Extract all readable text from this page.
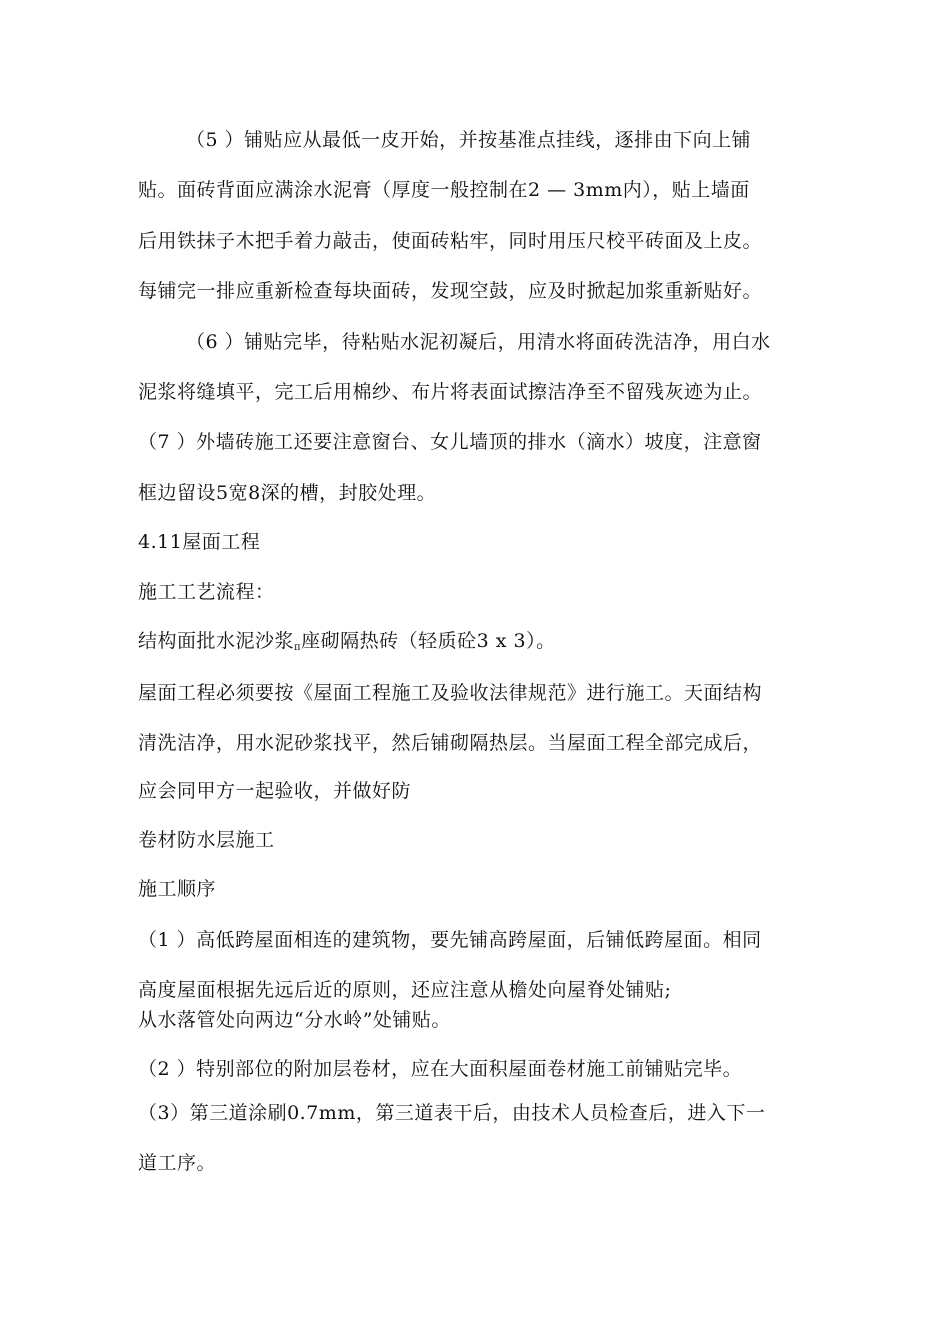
（5 ）铺贴应从最低一皮开始，并按基准点挂线，逐排由下向上铺
贴。面砖背面应满涂水泥膏（厚度一般控制在2 — 3mm内），贴上墙面
后用铁抹子木把手着力敲击，使面砖粘牢，同时用压尺校平砖面及上皮。
每铺完一排应重新检查每块面砖，发现空鼓，应及时掀起加浆重新贴好。
（6 ）铺贴完毕，待粘贴水泥初凝后，用清水将面砖洗洁净，用白水
泥浆将缝填平，完工后用棉纱、布片将表面试擦洁净至不留残灰迹为止。
（7 ）外墙砖施工还要注意窗台、女儿墙顶的排水（滴水）坡度，注意窗
框边留设5宽8深的槽，封胶处理。
4.11屋面工程
施工工艺流程：
结构面批水泥沙浆$_\pi$座砌隔热砖（轻质砼3 x 3）。
屋面工程必须要按《屋面工程施工及验收法律规范》进行施工。天面结构
清洗洁净，用水泥砂浆找平，然后铺砌隔热层。当屋面工程全部完成后，
应会同甲方一起验收，并做好防
卷材防水层施工
施工顺序
（1 ）高低跨屋面相连的建筑物，要先铺高跨屋面，后铺低跨屋面。相同
高度屋面根据先远后近的原则，还应注意从檐处向屋脊处铺贴;
从水落管处向两边“分水岭”处铺贴。
（2 ）特别部位的附加层卷材，应在大面积屋面卷材施工前铺贴完毕。
（3）第三道涂刷0.7mm，第三道表干后，由技术人员检查后，进入下一
道工序。
